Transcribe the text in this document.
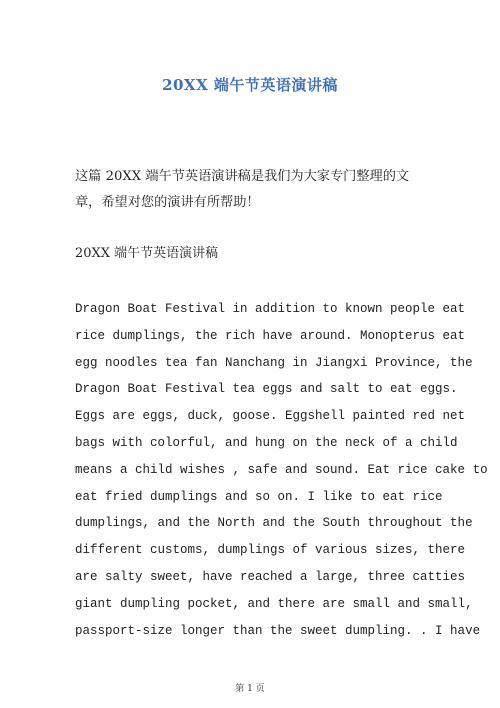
20XX 端午节英语演讲稿
这篇 20XX 端午节英语演讲稿是我们为大家专门整理的文章，希望对您的演讲有所帮助！
20XX 端午节英语演讲稿
Dragon Boat Festival in addition to known people eat
rice dumplings, the rich have around. Monopterus eat
egg noodles tea fan Nanchang in Jiangxi Province, the
Dragon Boat Festival tea eggs and salt to eat eggs.
Eggs are eggs, duck, goose. Eggshell painted red net
bags with colorful, and hung on the neck of a child
means a child wishes , safe and sound. Eat rice cake to
eat fried dumplings and so on. I like to eat rice
dumplings, and the North and the South throughout the
different customs, dumplings of various sizes, there
are salty sweet, have reached a large, three catties
giant dumpling pocket, and there are small and small,
passport-size longer than the sweet dumpling. . I have
第 1 页
